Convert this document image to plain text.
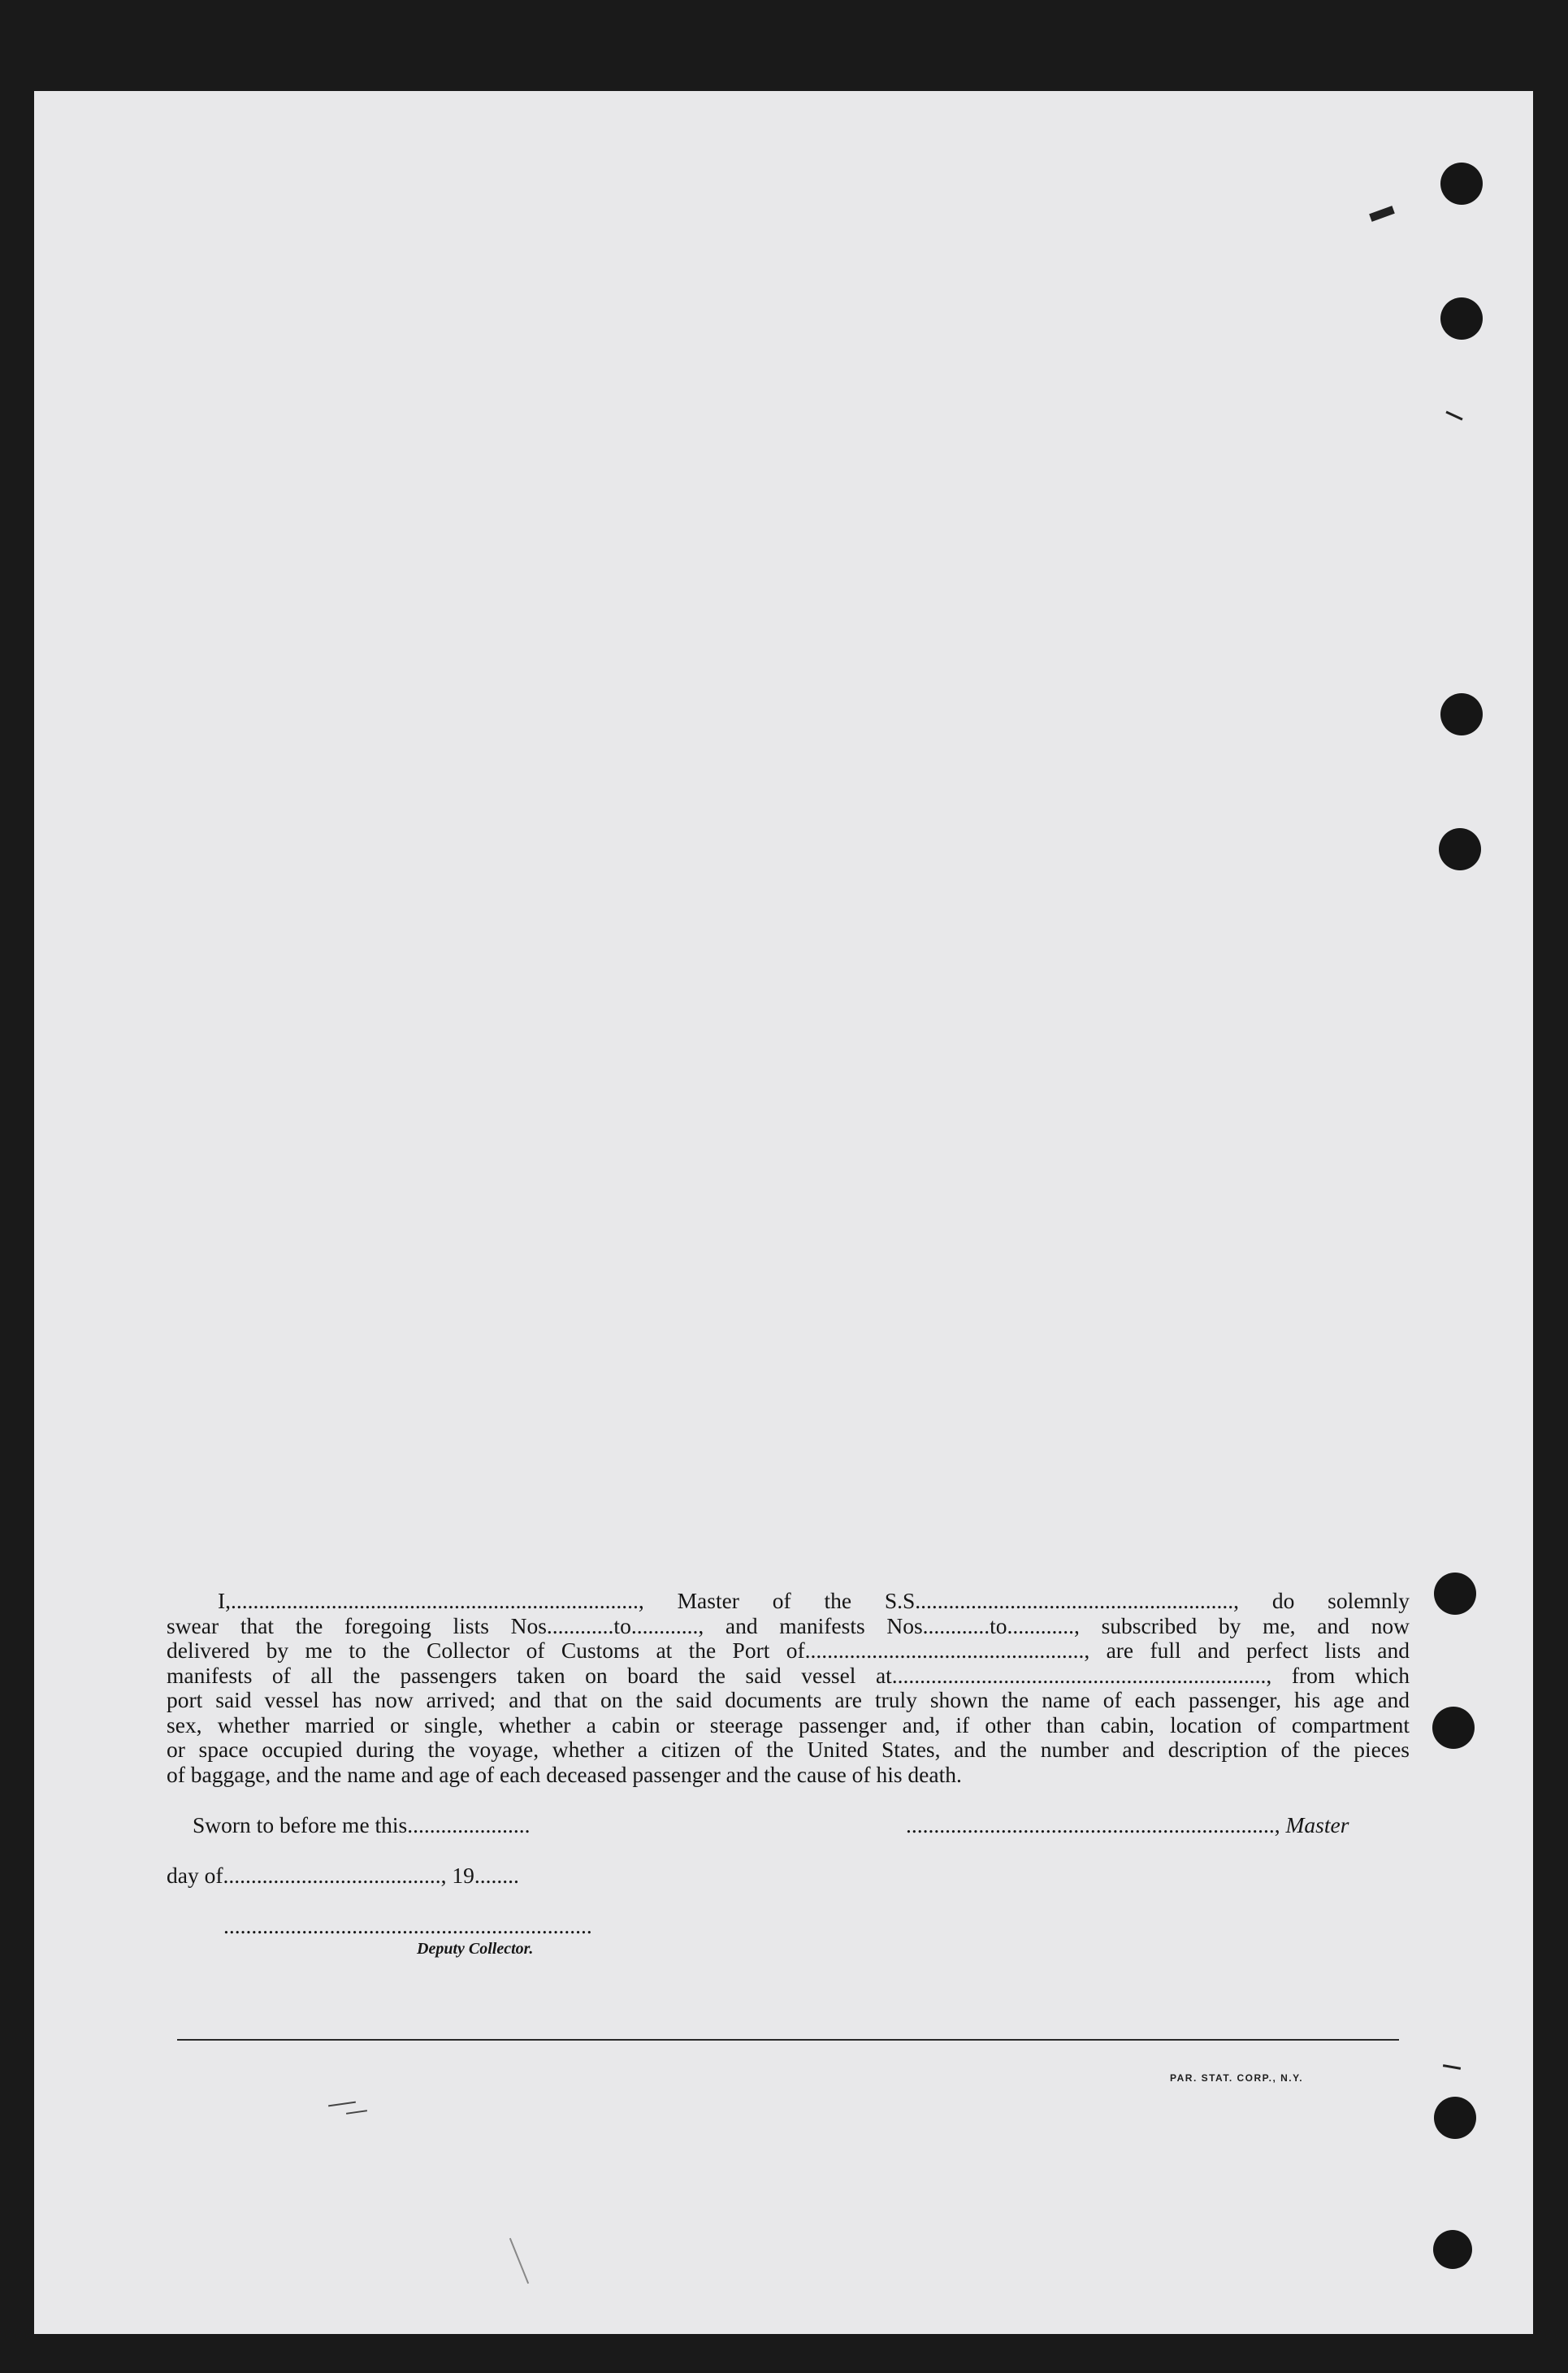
I,........................................................................., Master of the S.S........................................................., do solemnly
swear that the foregoing lists Nos............to............, and manifests Nos............to............, subscribed by me, and now
delivered by me to the Collector of Customs at the Port of.................................................., are full and perfect lists and
manifests of all the passengers taken on board the said vessel at..................................................................., from which
port said vessel has now arrived; and that on the said documents are truly shown the name of each passenger, his age and
sex, whether married or single, whether a cabin or steerage passenger and, if other than cabin, location of compartment
or space occupied during the voyage, whether a citizen of the United States, and the number and description of the pieces
of baggage, and the name and age of each deceased passenger and the cause of his death.
Sworn to before me this......................	.................................................................., Master
day of......................................., 19........
..................................................................
Deputy Collector.
PAR. STAT. CORP., N.Y.
